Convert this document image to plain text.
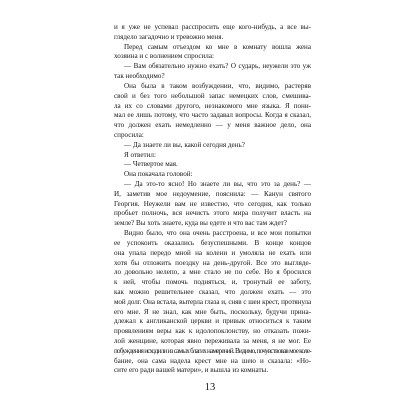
и я уже не успевал расспросить еще кого-нибудь, а все вы-
глядело загадочно и тревожно меня.
Перед самым отъездом ко мне в комнату вошла жена
хозяина и с волнением спросила:
— Вам обязательно нужно ехать? О сударь, неужели это уж
так необходимо?
Она была в таком возбуждении, что, видимо, растеряв
свой и без того небольшой запас немецких слов, смешива-
ла их со словами другого, незнакомого мне языка. Я пони-
мал ее лишь потому, что часто задавал вопросы. Когда я сказал,
что должен ехать немедленно — у меня важное дело, она
спросила:
— Да знаете ли вы, какой сегодня день?
Я ответил:
— Четвертое мая.
Она покачала головой:
— Да это-то ясно! Но знаете ли вы, что это за день? —
И, заметив мое недоумение, пояснила: — Канун святого
Георгия. Неужели вам не известно, что сегодня, как только
пробьет полночь, вся нечисть этого мира получит власть на
земле? Вы хоть знаете, куда вы едете и что вас там ждет?
Видно было, что она очень расстроена, и все мои попытки
ее успокоить оказались безуспешными. В конце концов
она упала передо мной на колени и умоляла не ехать или
хотя бы отложить поездку на день-другой. Все это выгляде-
ло довольно нелепо, а мне стало не по себе. Но я бросился
к ней, чтобы помочь подняться, и, тронутый ее заботу,
как можно решительнее сказал, что должен ехать — это
мой долг. Она встала, вытерла глаза и, сняв с шеи крест, протянула
его мне. Я не знал, как мне быть, поскольку, будучи прина-
длежал к англиканской церкви и привык относиться к таким
проявлениям веры как к идолопоклонству, но отказать пожи-
лой женщине, которая явно переживала за меня, я не мог. Ее
побуждения исходили из самых благих намерений. Видимо, почувствовав мое коле-
бание, она сама надела крест мне на шею и сказала: «Но-
сите его ради вашей матери», и вышла из комнаты.
13
